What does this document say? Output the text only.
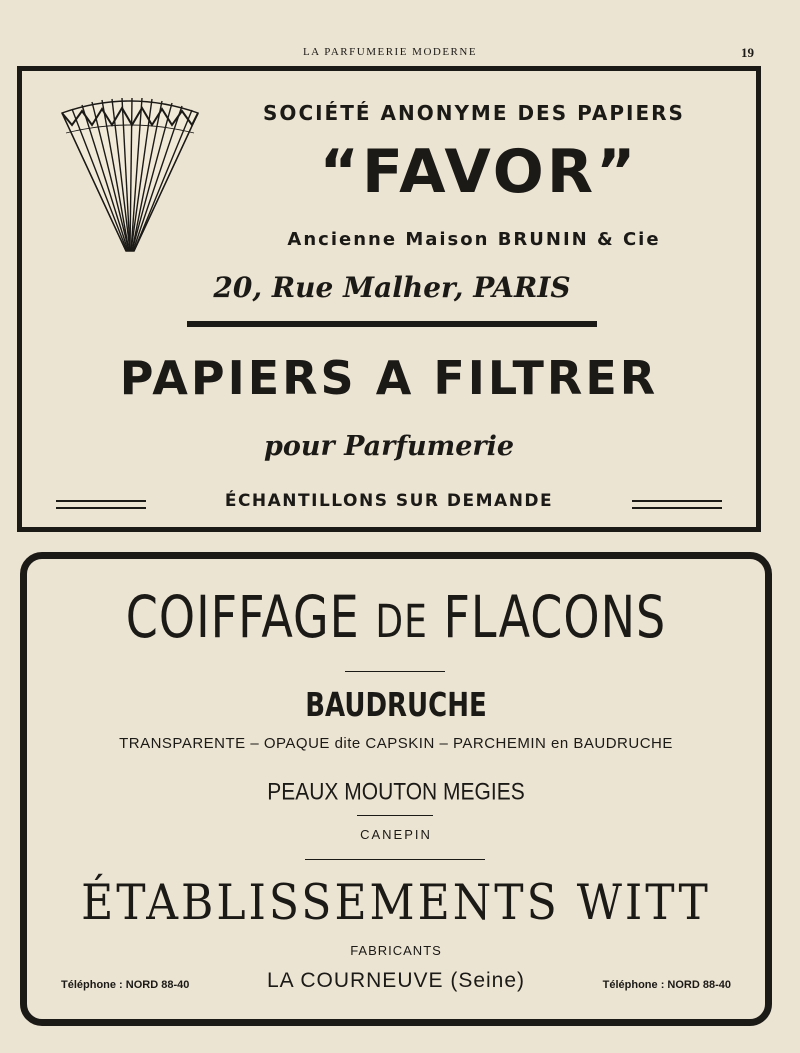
LA PARFUMERIE MODERNE	19
SOCIÉTÉ ANONYME DES PAPIERS
“FAVOR”
Ancienne Maison BRUNIN & Cie
20, Rue Malher, PARIS
PAPIERS A FILTRER
pour Parfumerie
ÉCHANTILLONS SUR DEMANDE
COIFFAGE DE FLACONS
BAUDRUCHE
TRANSPARENTE – OPAQUE dite CAPSKIN – PARCHEMIN en BAUDRUCHE
PEAUX MOUTON MEGIES
CANEPIN
ÉTABLISSEMENTS WITT
FABRICANTS
LA COURNEUVE (Seine)
Téléphone : NORD 88-40	Téléphone : NORD 88-40
